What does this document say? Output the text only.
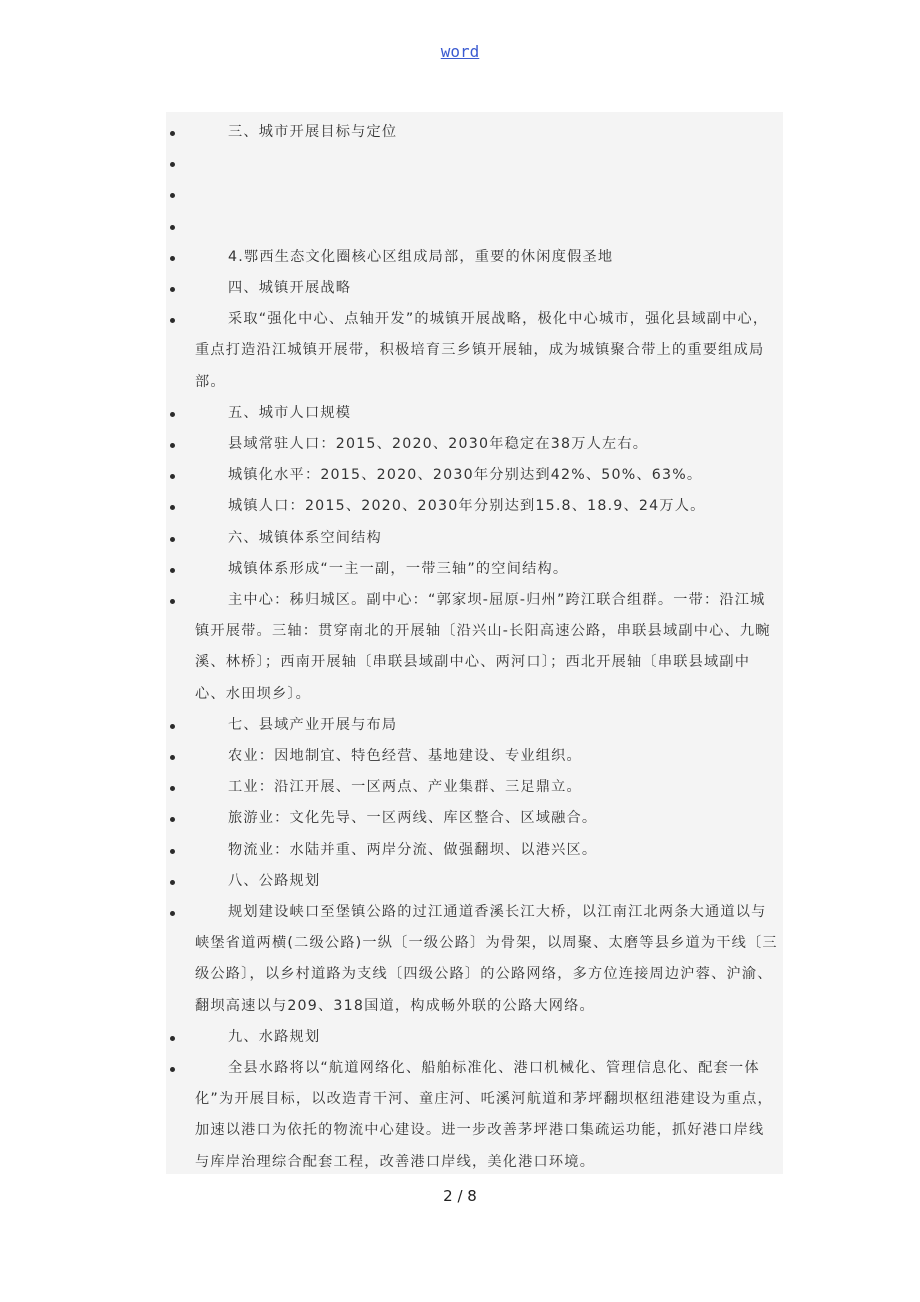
word
三、城市开展目标与定位
4.鄂西生态文化圈核心区组成局部，重要的休闲度假圣地
四、城镇开展战略
采取“强化中心、点轴开发”的城镇开展战略，极化中心城市，强化县域副中心，重点打造沿江城镇开展带，积极培育三乡镇开展轴，成为城镇聚合带上的重要组成局部。
五、城市人口规模
县域常驻人口：2015、2020、2030年稳定在38万人左右。
城镇化水平：2015、2020、2030年分别达到42%、50%、63%。
城镇人口：2015、2020、2030年分别达到15.8、18.9、24万人。
六、城镇体系空间结构
城镇体系形成“一主一副，一带三轴”的空间结构。
主中心：秭归城区。副中心：“郭家坝-屈原-归州”跨江联合组群。一带：沿江城镇开展带。三轴：贯穿南北的开展轴〔沿兴山-长阳高速公路，串联县域副中心、九畹溪、林桥〕；西南开展轴〔串联县域副中心、两河口〕；西北开展轴〔串联县域副中心、水田坝乡〕。
七、县域产业开展与布局
农业：因地制宜、特色经营、基地建设、专业组织。
工业：沿江开展、一区两点、产业集群、三足鼎立。
旅游业：文化先导、一区两线、库区整合、区域融合。
物流业：水陆并重、两岸分流、做强翻坝、以港兴区。
八、公路规划
规划建设峡口至堡镇公路的过江通道香溪长江大桥，以江南江北两条大通道以与峡堡省道两横(二级公路)一纵〔一级公路〕为骨架，以周聚、太磨等县乡道为干线〔三级公路〕，以乡村道路为支线〔四级公路〕的公路网络，多方位连接周边沪蓉、沪渝、翻坝高速以与209、318国道，构成畅外联的公路大网络。
九、水路规划
全县水路将以“航道网络化、船舶标准化、港口机械化、管理信息化、配套一体化”为开展目标，以改造青干河、童庄河、吒溪河航道和茅坪翻坝枢纽港建设为重点，加速以港口为依托的物流中心建设。进一步改善茅坪港口集疏运功能，抓好港口岸线与库岸治理综合配套工程，改善港口岸线，美化港口环境。
2 / 8
